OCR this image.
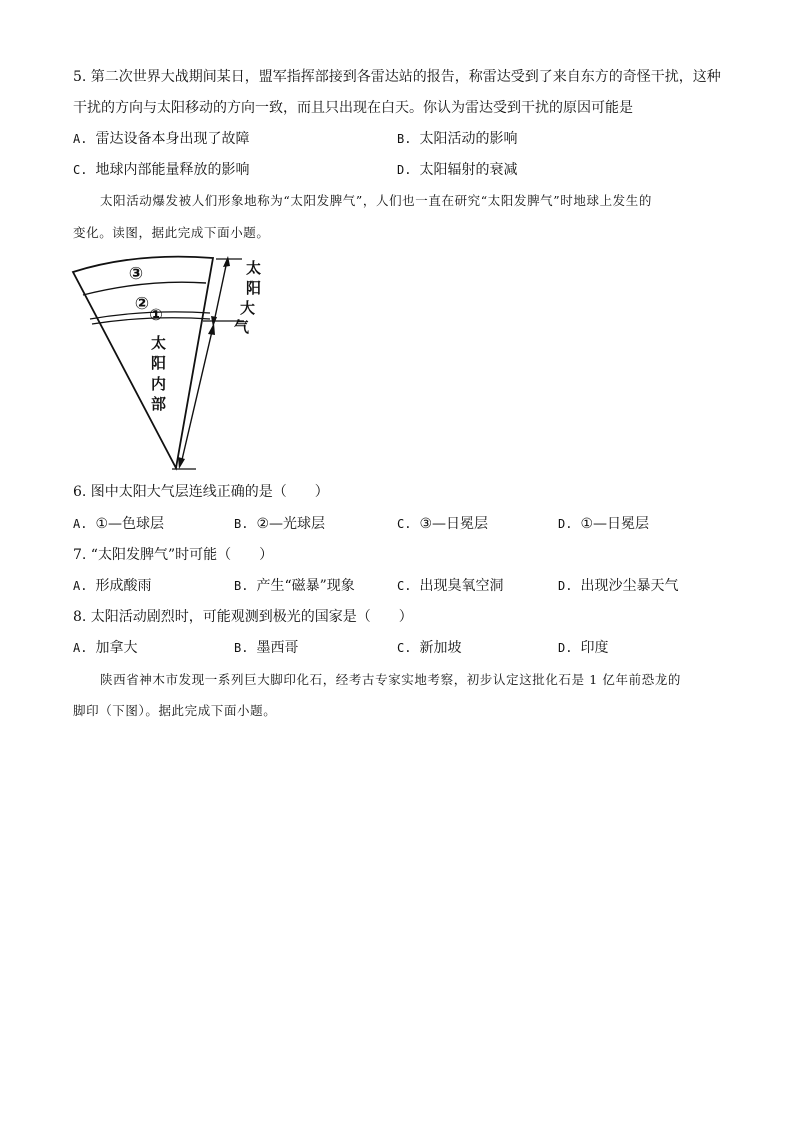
5. 第二次世界大战期间某日，盟军指挥部接到各雷达站的报告，称雷达受到了来自东方的奇怪干扰，这种
干扰的方向与太阳移动的方向一致，而且只出现在白天。你认为雷达受到干扰的原因可能是
A. 雷达设备本身出现了故障	B. 太阳活动的影响
C. 地球内部能量释放的影响	D. 太阳辐射的衰减
太阳活动爆发被人们形象地称为“太阳发脾气”，人们也一直在研究“太阳发脾气”时地球上发生的
变化。读图，据此完成下面小题。
③
②
①
太
阳
大
气
太
阳
内
部
6. 图中太阳大气层连线正确的是（　　）
A. ①—色球层	B. ②—光球层	C. ③—日冕层	D. ①—日冕层
7. “太阳发脾气”时可能（　　）
A. 形成酸雨	B. 产生“磁暴”现象	C. 出现臭氧空洞	D. 出现沙尘暴天气
8. 太阳活动剧烈时，可能观测到极光的国家是（　　）
A. 加拿大	B. 墨西哥	C. 新加坡	D. 印度
陕西省神木市发现一系列巨大脚印化石，经考古专家实地考察，初步认定这批化石是 1 亿年前恐龙的
脚印（下图）。据此完成下面小题。
